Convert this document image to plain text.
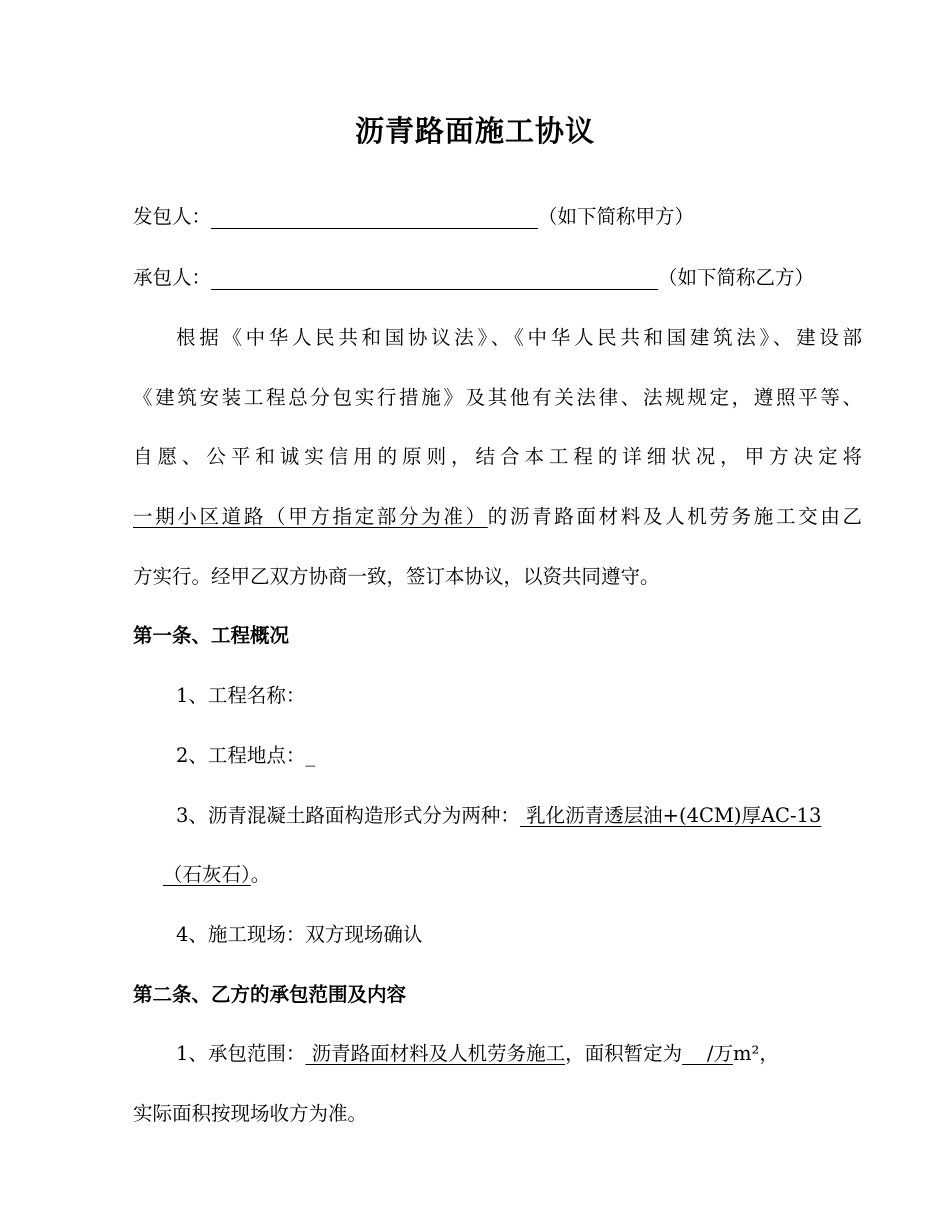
沥青路面施工协议
发包人：	（如下简称甲方）
承包人：	（如下简称乙方）
根据《中华人民共和国协议法》、《中华人民共和国建筑法》、建设部
《建筑安装工程总分包实行措施》及其他有关法律、法规规定，遵照平等、
自愿、公平和诚实信用的原则，结合本工程的详细状况，甲方决定将
一期小区道路（甲方指定部分为准）的沥青路面材料及人机劳务施工交由乙
方实行。经甲乙双方协商一致，签订本协议，以资共同遵守。
第一条、工程概况
1、工程名称：
2、工程地点：_
3、沥青混凝土路面构造形式分为两种： 乳化沥青透层油+(4CM)厚AC-13
（石灰石）。
4、施工现场：双方现场确认
第二条、乙方的承包范围及内容
1、承包范围： 沥青路面材料及人机劳务施工，面积暂定为    /万m²，
实际面积按现场收方为准。
